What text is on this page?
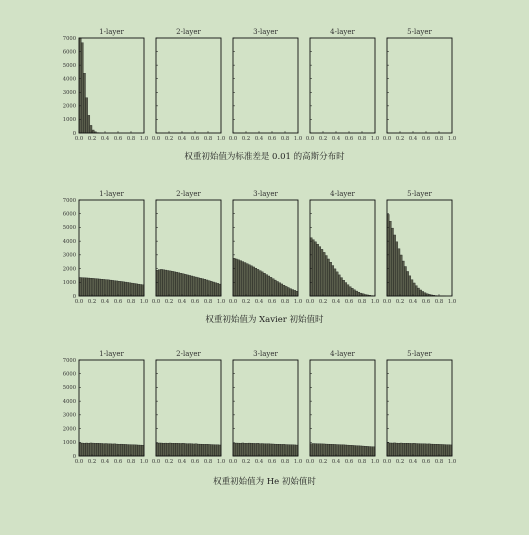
权重初始值为标准差是 0.01 的高斯分布时
0
1000
2000
3000
4000
5000
6000
7000
1-layer
0.0 0.2 0.4 0.6 0.8 1.0
2-layer
0.0 0.2 0.4 0.6 0.8 1.0
3-layer
0.0 0.2 0.4 0.6 0.8 1.0
4-layer
0.0 0.2 0.4 0.6 0.8 1.0
5-layer
0.0 0.2 0.4 0.6 0.8 1.0
权重初始值为 Xavier 初始值时
0
1000
2000
3000
4000
5000
6000
7000
1-layer
0.0 0.2 0.4 0.6 0.8 1.0
2-layer
0.0 0.2 0.4 0.6 0.8 1.0
3-layer
0.0 0.2 0.4 0.6 0.8 1.0
4-layer
0.0 0.2 0.4 0.6 0.8 1.0
5-layer
0.0 0.2 0.4 0.6 0.8 1.0
权重初始值为 He 初始值时
0
1000
2000
3000
4000
5000
6000
7000
1-layer
0.0 0.2 0.4 0.6 0.8 1.0
2-layer
0.0 0.2 0.4 0.6 0.8 1.0
3-layer
0.0 0.2 0.4 0.6 0.8 1.0
4-layer
0.0 0.2 0.4 0.6 0.8 1.0
5-layer
0.0 0.2 0.4 0.6 0.8 1.0
